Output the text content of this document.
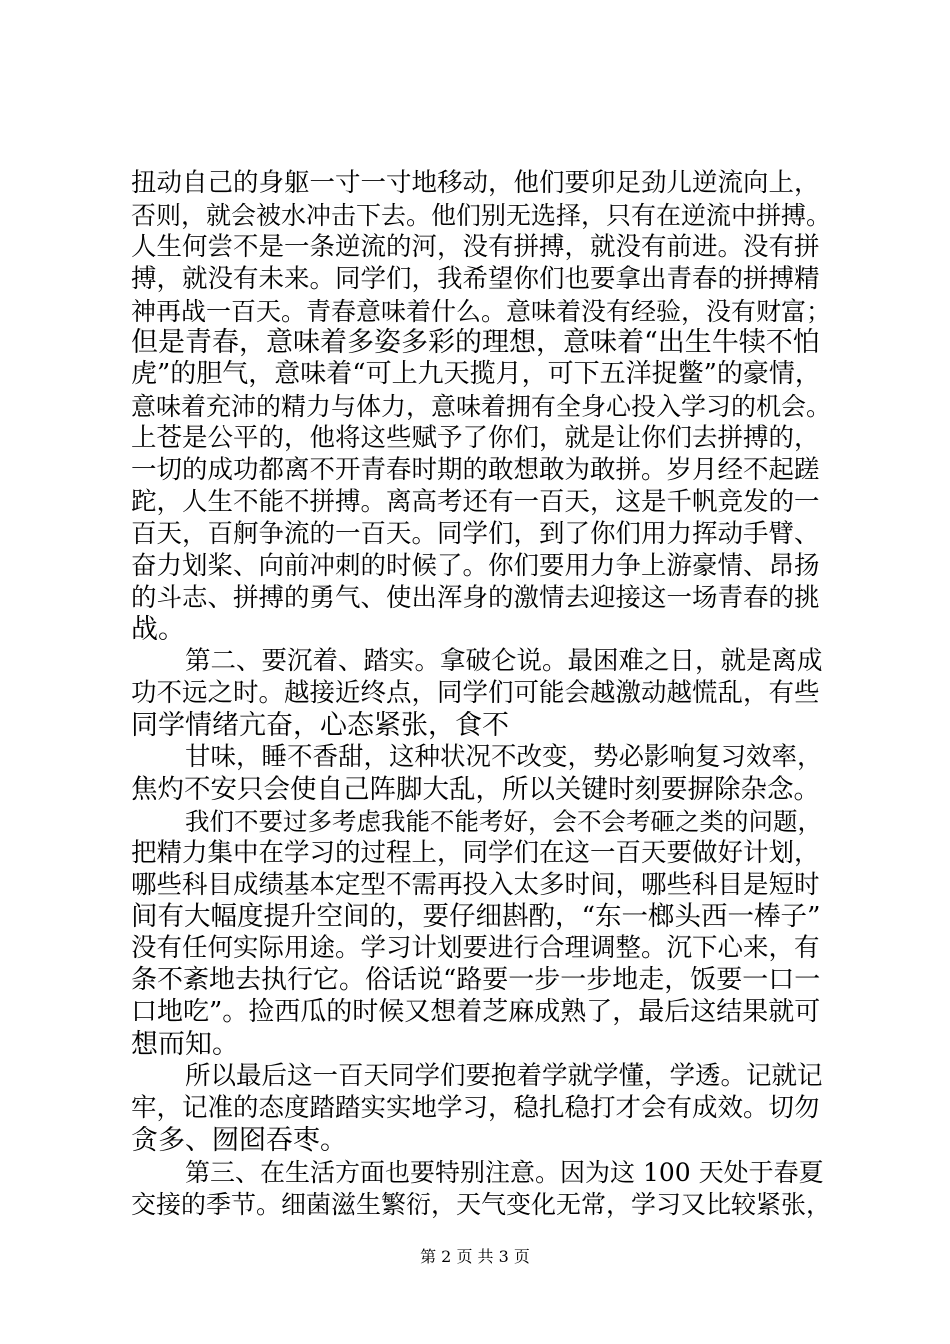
扭动自己的身躯一寸一寸地移动，他们要卯足劲儿逆流向上，
否则，就会被水冲击下去。他们别无选择，只有在逆流中拼搏。
人生何尝不是一条逆流的河，没有拼搏，就没有前进。没有拼
搏，就没有未来。同学们，我希望你们也要拿出青春的拼搏精
神再战一百天。青春意味着什么。意味着没有经验，没有财富；
但是青春，意味着多姿多彩的理想，意味着“出生牛犊不怕
虎”的胆气，意味着“可上九天揽月，可下五洋捉鳖”的豪情，
意味着充沛的精力与体力，意味着拥有全身心投入学习的机会。
上苍是公平的，他将这些赋予了你们，就是让你们去拼搏的，
一切的成功都离不开青春时期的敢想敢为敢拼。岁月经不起蹉
跎，人生不能不拼搏。离高考还有一百天，这是千帆竞发的一
百天，百舸争流的一百天。同学们，到了你们用力挥动手臂、
奋力划桨、向前冲刺的时候了。你们要用力争上游豪情、昂扬
的斗志、拼搏的勇气、使出浑身的激情去迎接这一场青春的挑
战。
第二、要沉着、踏实。拿破仑说。最困难之日，就是离成
功不远之时。越接近终点，同学们可能会越激动越慌乱，有些
同学情绪亢奋，心态紧张，食不
甘味，睡不香甜，这种状况不改变，势必影响复习效率，
焦灼不安只会使自己阵脚大乱，所以关键时刻要摒除杂念。
我们不要过多考虑我能不能考好，会不会考砸之类的问题，
把精力集中在学习的过程上，同学们在这一百天要做好计划，
哪些科目成绩基本定型不需再投入太多时间，哪些科目是短时
间有大幅度提升空间的，要仔细斟酌，“东一榔头西一棒子”
没有任何实际用途。学习计划要进行合理调整。沉下心来，有
条不紊地去执行它。俗话说“路要一步一步地走，饭要一口一
口地吃”。捡西瓜的时候又想着芝麻成熟了，最后这结果就可
想而知。
所以最后这一百天同学们要抱着学就学懂，学透。记就记
牢，记准的态度踏踏实实地学习，稳扎稳打才会有成效。切勿
贪多、囫囵吞枣。
第三、在生活方面也要特别注意。因为这 100 天处于春夏
交接的季节。细菌滋生繁衍，天气变化无常，学习又比较紧张，
第 2 页 共 3 页
